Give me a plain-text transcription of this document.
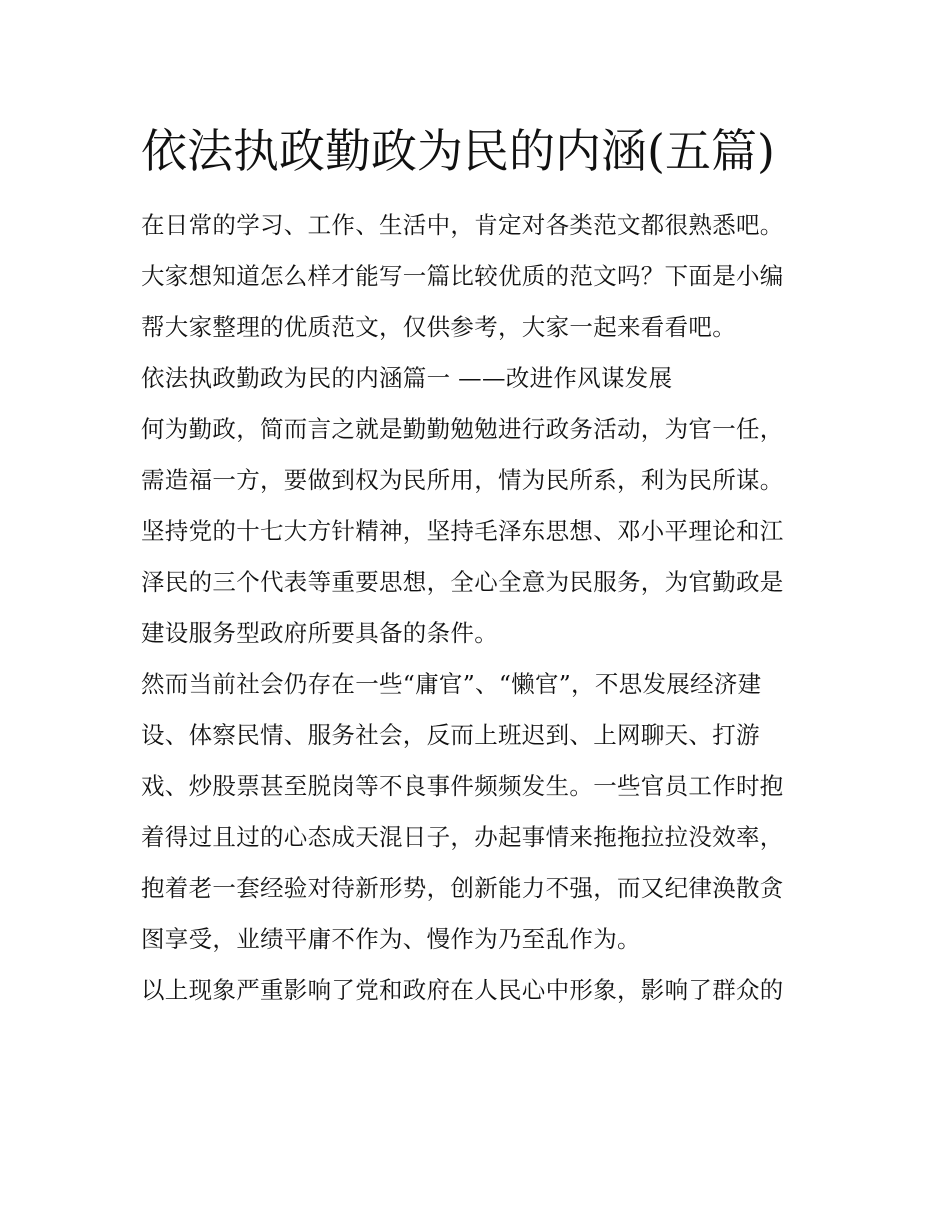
依法执政勤政为民的内涵(五篇)
在日常的学习、工作、生活中，肯定对各类范文都很熟悉吧。
大家想知道怎么样才能写一篇比较优质的范文吗？下面是小编
帮大家整理的优质范文，仅供参考，大家一起来看看吧。
依法执政勤政为民的内涵篇一 ——改进作风谋发展
何为勤政，简而言之就是勤勤勉勉进行政务活动，为官一任，
需造福一方，要做到权为民所用，情为民所系，利为民所谋。
坚持党的十七大方针精神，坚持毛泽东思想、邓小平理论和江
泽民的三个代表等重要思想，全心全意为民服务，为官勤政是
建设服务型政府所要具备的条件。
然而当前社会仍存在一些“庸官”、“懒官”，不思发展经济建
设、体察民情、服务社会，反而上班迟到、上网聊天、打游
戏、炒股票甚至脱岗等不良事件频频发生。一些官员工作时抱
着得过且过的心态成天混日子，办起事情来拖拖拉拉没效率，
抱着老一套经验对待新形势，创新能力不强，而又纪律涣散贪
图享受，业绩平庸不作为、慢作为乃至乱作为。
以上现象严重影响了党和政府在人民心中形象，影响了群众的
